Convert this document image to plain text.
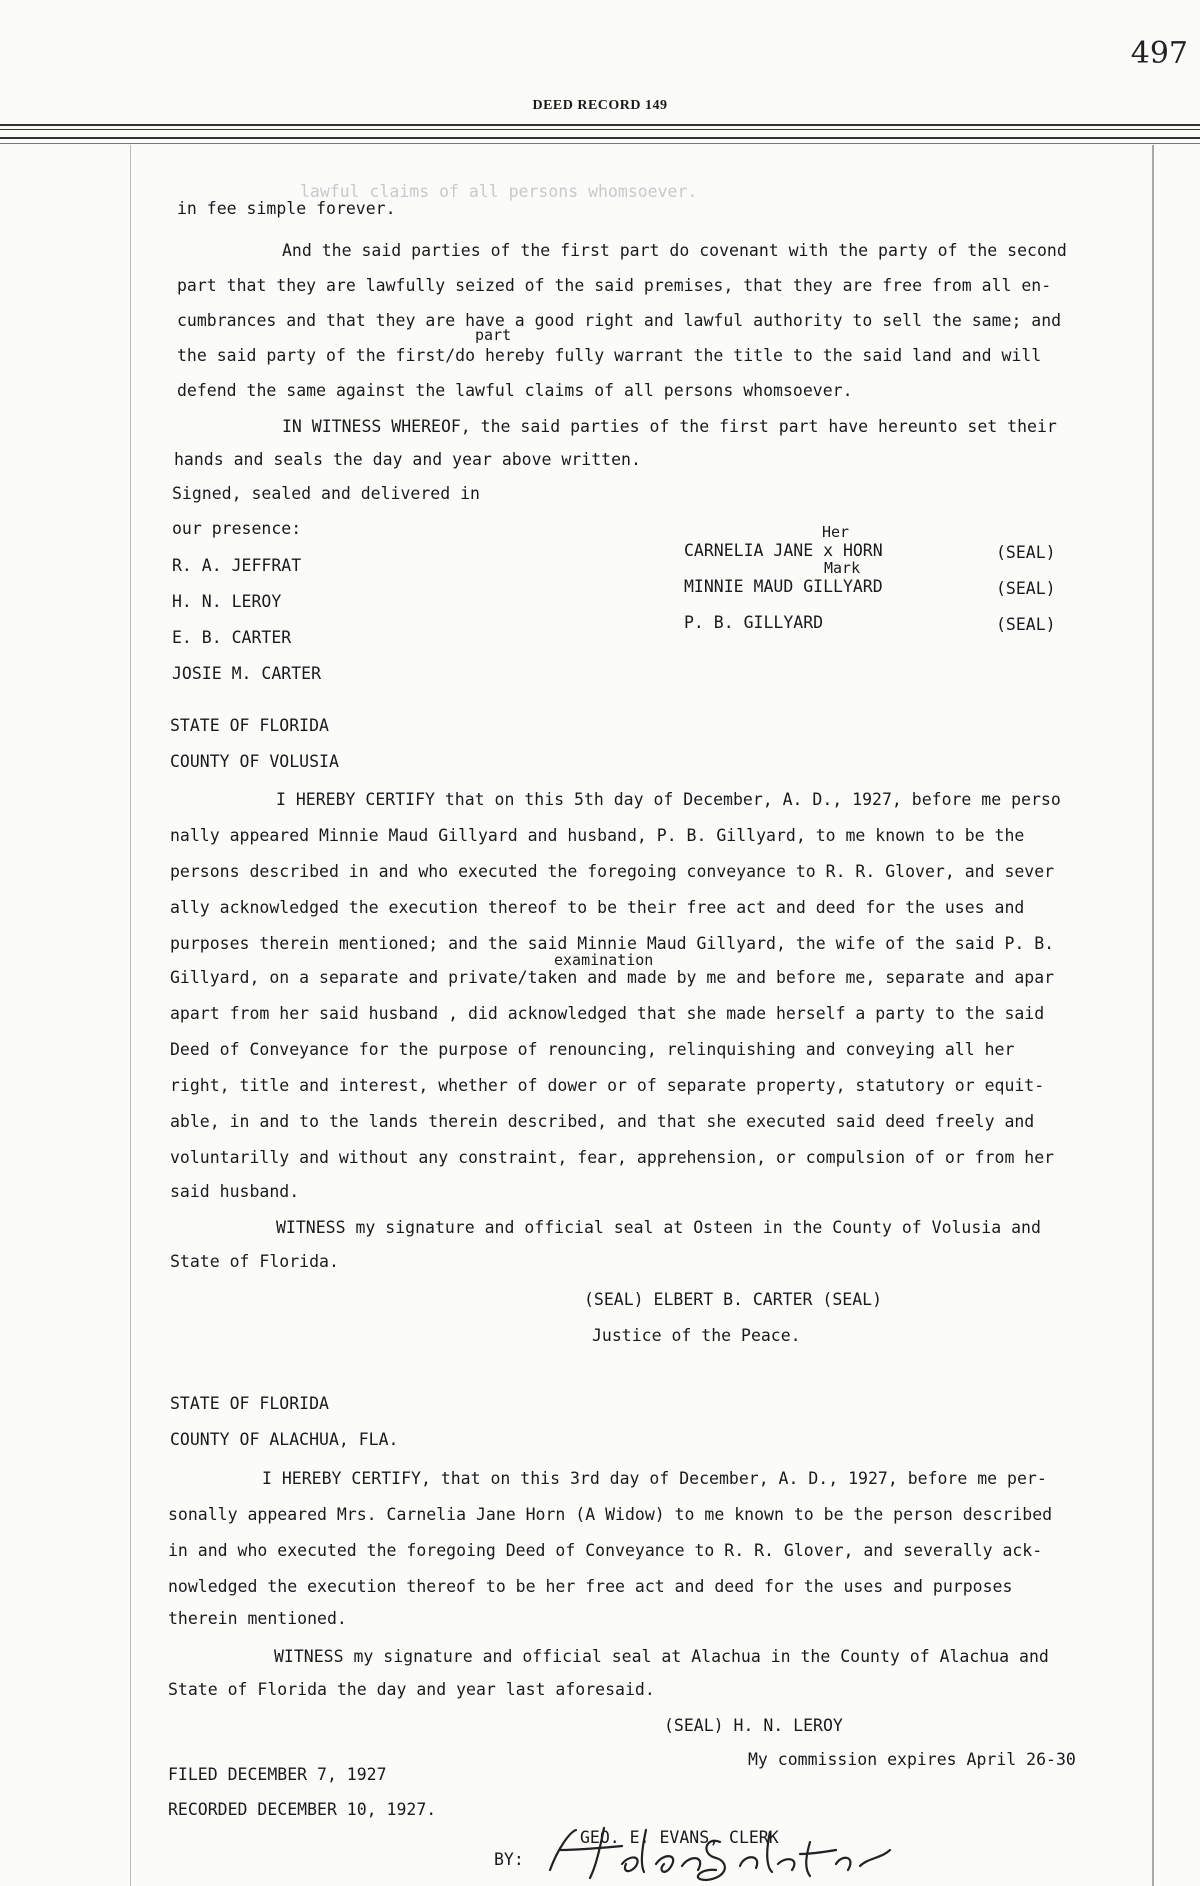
497
DEED RECORD 149
lawful claims of all persons whomsoever.
in fee simple forever.
And the said parties of the first part do covenant with the party of the second
part that they are lawfully seized of the said premises, that they are free from all en-
part
cumbrances and that they are have a good right and lawful authority to sell the same; and
the said party of the first/do hereby fully warrant the title to the said land and will
defend the same against the lawful claims of all persons whomsoever.
IN WITNESS WHEREOF, the said parties of the first part have hereunto set their
hands and seals the day and year above written.
Signed, sealed and delivered in
our presence:
R. A. JEFFRAT
H. N. LEROY
E. B. CARTER
JOSIE M. CARTER
Her
CARNELIA JANE x HORN	(SEAL)
Mark
MINNIE MAUD GILLYARD	(SEAL)
P. B. GILLYARD	(SEAL)
STATE OF FLORIDA
COUNTY OF VOLUSIA
I HEREBY CERTIFY that on this 5th day of December, A. D., 1927, before me perso
nally appeared Minnie Maud Gillyard and husband, P. B. Gillyard, to me known to be the
persons described in and who executed the foregoing conveyance to R. R. Glover, and sever
ally acknowledged the execution thereof to be their free act and deed for the uses and
purposes therein mentioned; and the said Minnie Maud Gillyard, the wife of the said P. B.
examination
Gillyard, on a separate and private/taken and made by me and before me, separate and apar
apart from her said husband , did acknowledged that she made herself a party to the said
Deed of Conveyance for the purpose of renouncing, relinquishing and conveying all her
right, title and interest, whether of dower or of separate property, statutory or equit-
able, in and to the lands therein described, and that she executed said deed freely and
voluntarilly and without any constraint, fear, apprehension, or compulsion of or from her
said husband.
WITNESS my signature and official seal at Osteen in the County of Volusia and
State of Florida.
(SEAL) ELBERT B. CARTER (SEAL)
Justice of the Peace.
STATE OF FLORIDA
COUNTY OF ALACHUA, FLA.
I HEREBY CERTIFY, that on this 3rd day of December, A. D., 1927, before me per-
sonally appeared Mrs. Carnelia Jane Horn (A Widow) to me known to be the person described
in and who executed the foregoing Deed of Conveyance to R. R. Glover, and severally ack-
nowledged the execution thereof to be her free act and deed for the uses and purposes
therein mentioned.
WITNESS my signature and official seal at Alachua in the County of Alachua and
State of Florida the day and year last aforesaid.
(SEAL) H. N. LEROY
My commission expires April 26-30
FILED DECEMBER 7, 1927
RECORDED DECEMBER 10, 1927.
GEO. E. EVANS, CLERK
BY:
